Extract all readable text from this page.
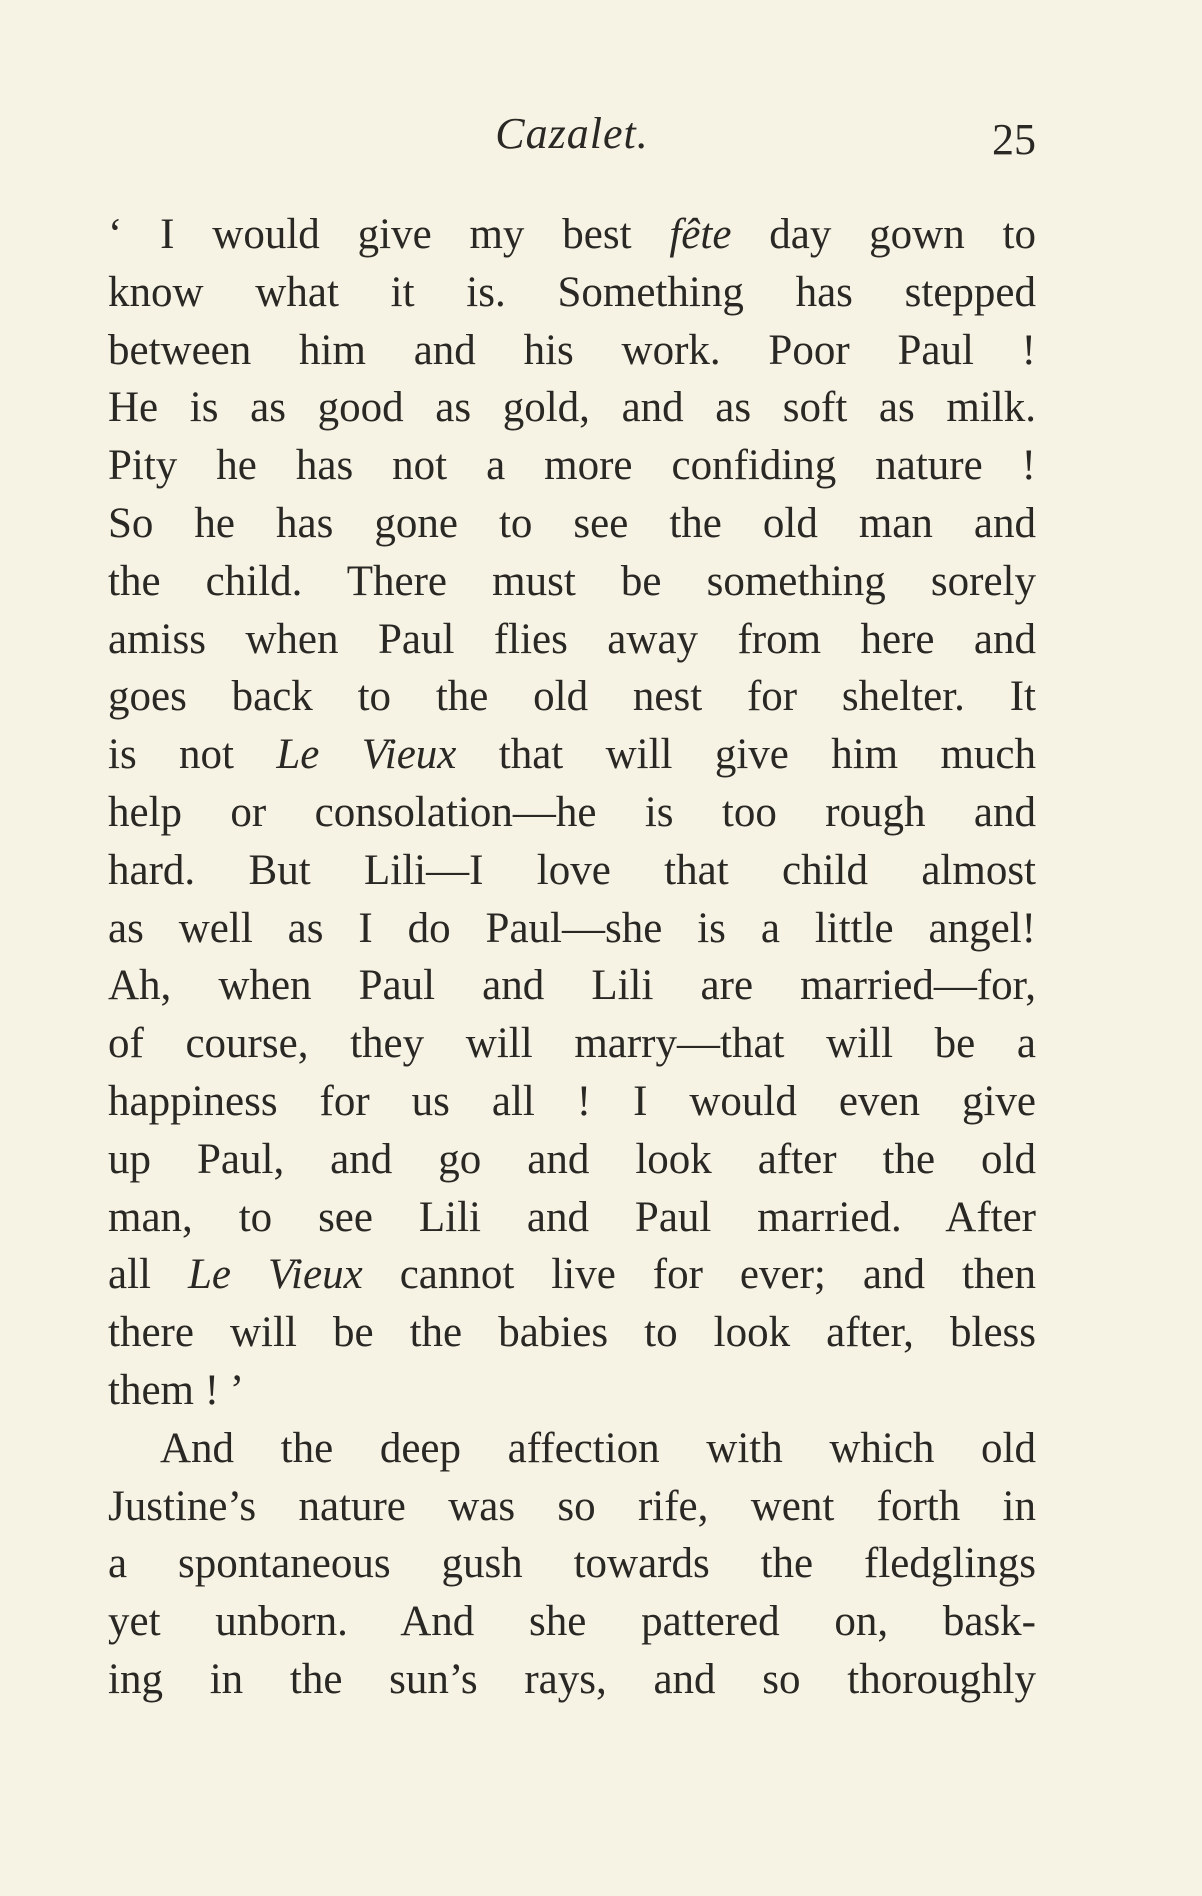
Cazalet.	25
‘ I would give my best fête day gown to
know what it is. Something has stepped
between him and his work. Poor Paul !
He is as good as gold, and as soft as milk.
Pity he has not a more confiding nature !
So he has gone to see the old man and
the child. There must be something sorely
amiss when Paul flies away from here and
goes back to the old nest for shelter. It
is not Le Vieux that will give him much
help or consolation—he is too rough and
hard. But Lili—I love that child almost
as well as I do Paul—she is a little angel!
Ah, when Paul and Lili are married—for,
of course, they will marry—that will be a
happiness for us all ! I would even give
up Paul, and go and look after the old
man, to see Lili and Paul married. After
all Le Vieux cannot live for ever; and then
there will be the babies to look after, bless
them ! ’
And the deep affection with which old
Justine’s nature was so rife, went forth in
a spontaneous gush towards the fledglings
yet unborn. And she pattered on, bask-
ing in the sun’s rays, and so thoroughly
